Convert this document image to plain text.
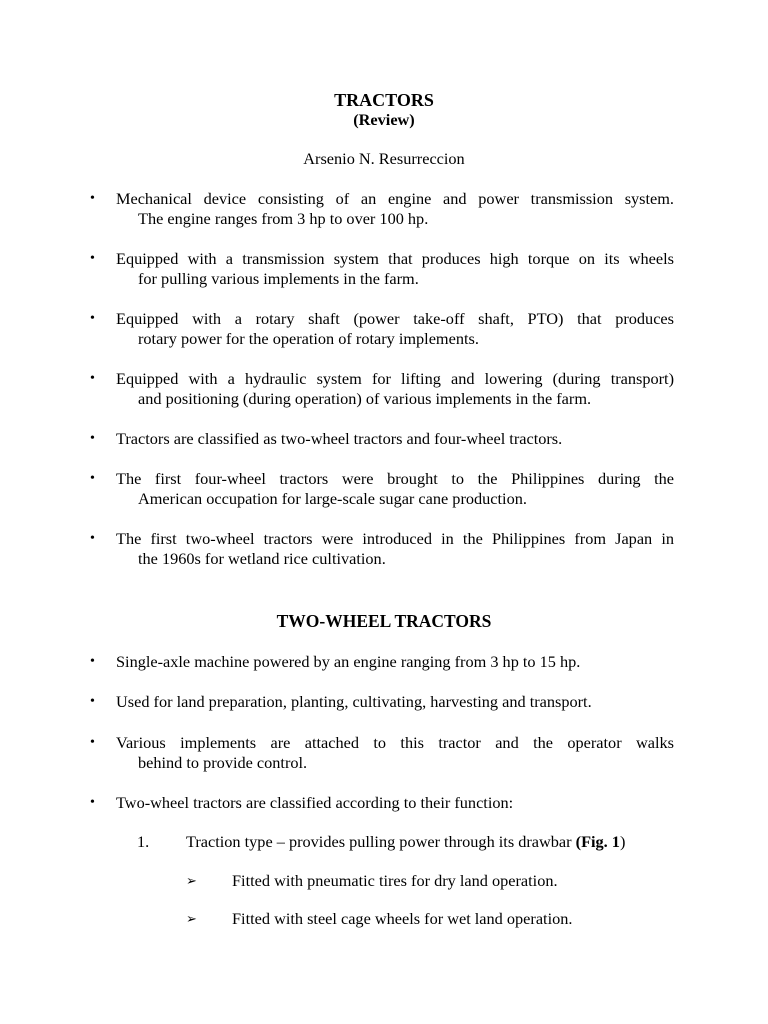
TRACTORS
(Review)
Arsenio N. Resurreccion
•	Mechanical device consisting of an engine and power transmission system.
The engine ranges from 3 hp to over 100 hp.
•	Equipped with a transmission system that produces high torque on its wheels
for pulling various implements in the farm.
•	Equipped with a rotary shaft (power take-off shaft, PTO) that produces
rotary power for the operation of rotary implements.
•	Equipped with a hydraulic system for lifting and lowering (during transport)
and positioning (during operation) of various implements in the farm.
•	Tractors are classified as two-wheel tractors and four-wheel tractors.
•	The first four-wheel tractors were brought to the Philippines during the
American occupation for large-scale sugar cane production.
•	The first two-wheel tractors were introduced in the Philippines from Japan in
the 1960s for wetland rice cultivation.
TWO-WHEEL TRACTORS
•	Single-axle machine powered by an engine ranging from 3 hp to 15 hp.
•	Used for land preparation, planting, cultivating, harvesting and transport.
•	Various implements are attached to this tractor and the operator walks
behind to provide control.
•	Two-wheel tractors are classified according to their function:
1. Traction type – provides pulling power through its drawbar (Fig. 1)
➢ Fitted with pneumatic tires for dry land operation.
➢ Fitted with steel cage wheels for wet land operation.
